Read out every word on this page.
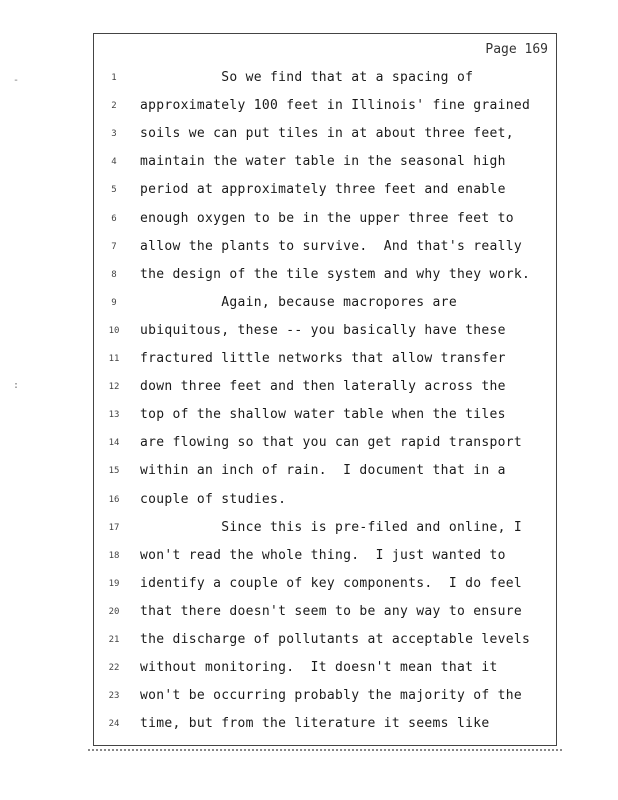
Page 169
1	So we find that at a spacing of
2	approximately 100 feet in Illinois' fine grained
3	soils we can put tiles in at about three feet,
4	maintain the water table in the seasonal high
5	period at approximately three feet and enable
6	enough oxygen to be in the upper three feet to
7	allow the plants to survive.  And that's really
8	the design of the tile system and why they work.
9	Again, because macropores are
10	ubiquitous, these -- you basically have these
11	fractured little networks that allow transfer
12	down three feet and then laterally across the
13	top of the shallow water table when the tiles
14	are flowing so that you can get rapid transport
15	within an inch of rain.  I document that in a
16	couple of studies.
17	Since this is pre-filed and online, I
18	won't read the whole thing.  I just wanted to
19	identify a couple of key components.  I do feel
20	that there doesn't seem to be any way to ensure
21	the discharge of pollutants at acceptable levels
22	without monitoring.  It doesn't mean that it
23	won't be occurring probably the majority of the
24	time, but from the literature it seems like
-
:
